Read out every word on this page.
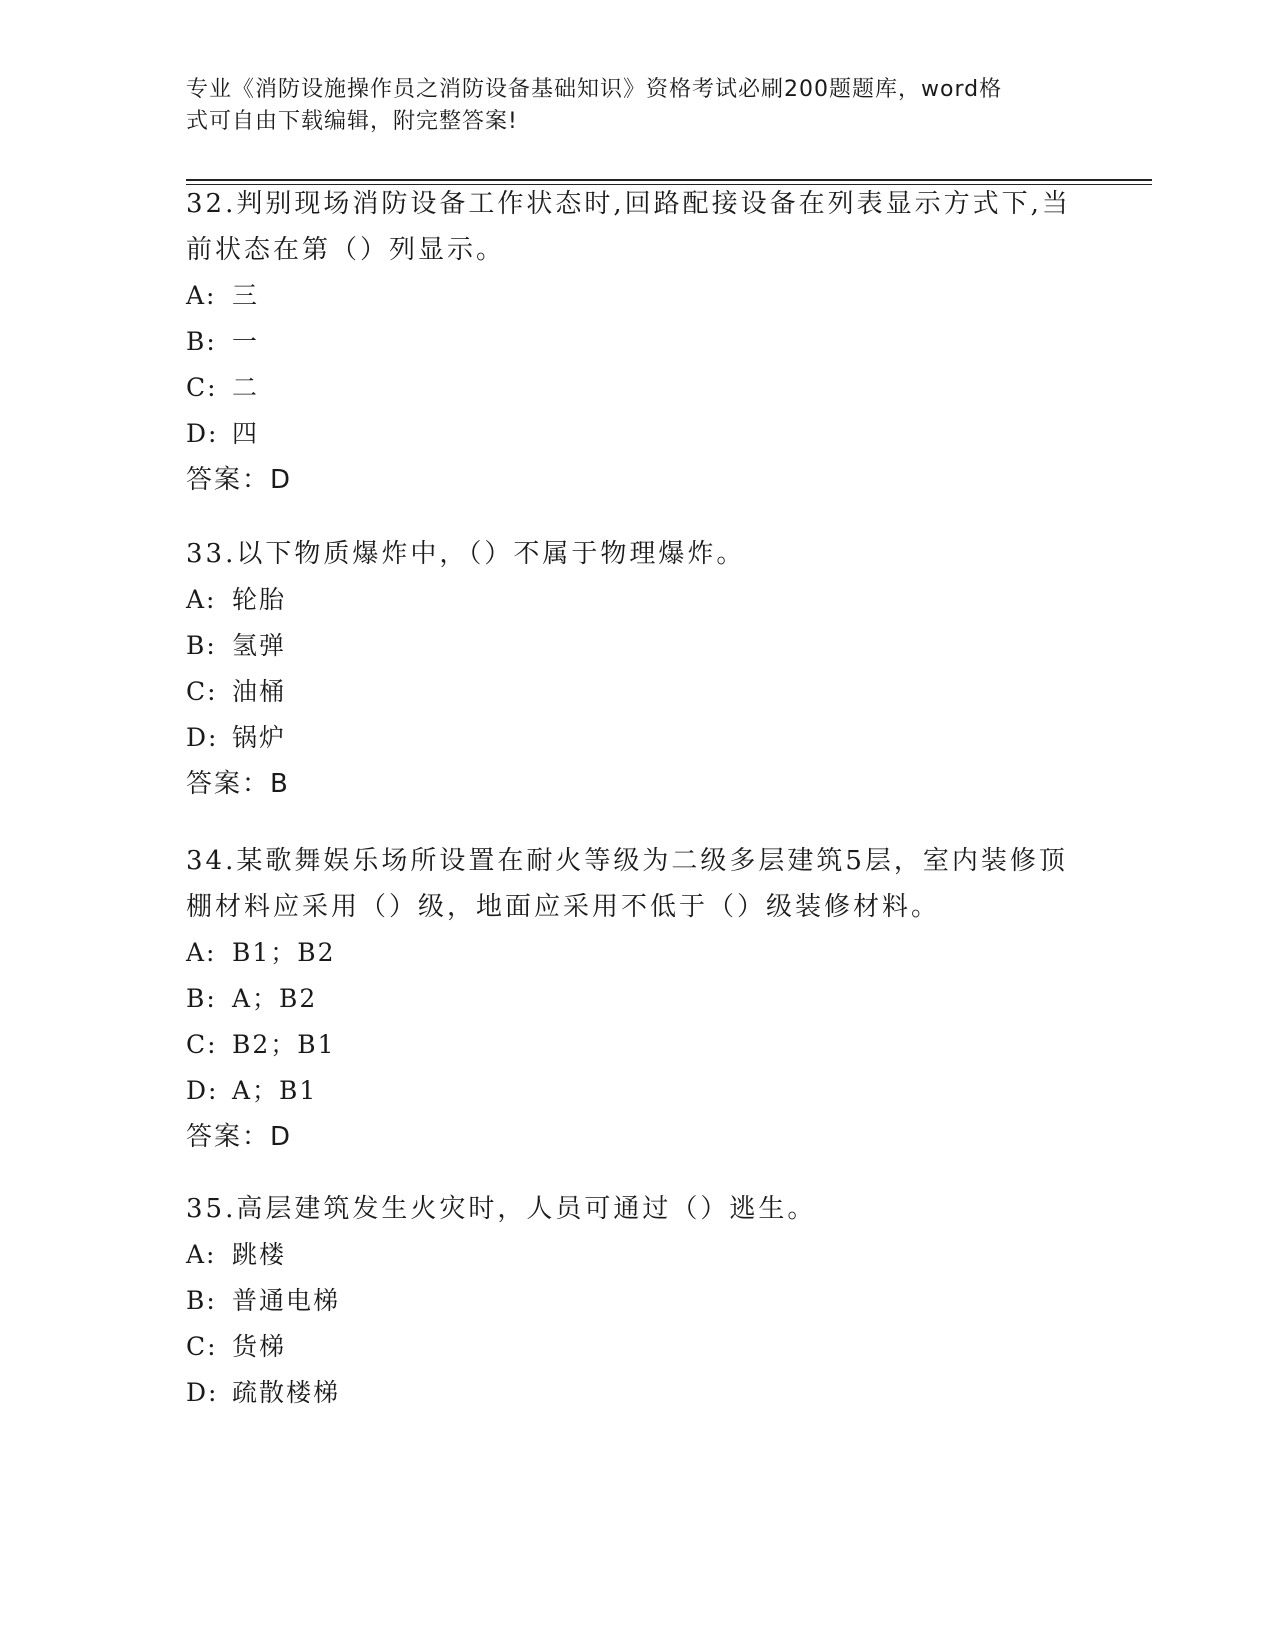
专业《消防设施操作员之消防设备基础知识》资格考试必刷200题题库，word格
式可自由下载编辑，附完整答案!
32.判别现场消防设备工作状态时,回路配接设备在列表显示方式下,当
前状态在第（）列显示。
A: 三
B: 一
C: 二
D: 四
答案：D
33.以下物质爆炸中，（）不属于物理爆炸。
A: 轮胎
B: 氢弹
C: 油桶
D: 锅炉
答案：B
34.某歌舞娱乐场所设置在耐火等级为二级多层建筑5层，室内装修顶
棚材料应采用（）级，地面应采用不低于（）级装修材料。
A: B1；B2
B: A；B2
C: B2；B1
D: A；B1
答案：D
35.高层建筑发生火灾时，人员可通过（）逃生。
A: 跳楼
B: 普通电梯
C: 货梯
D: 疏散楼梯
